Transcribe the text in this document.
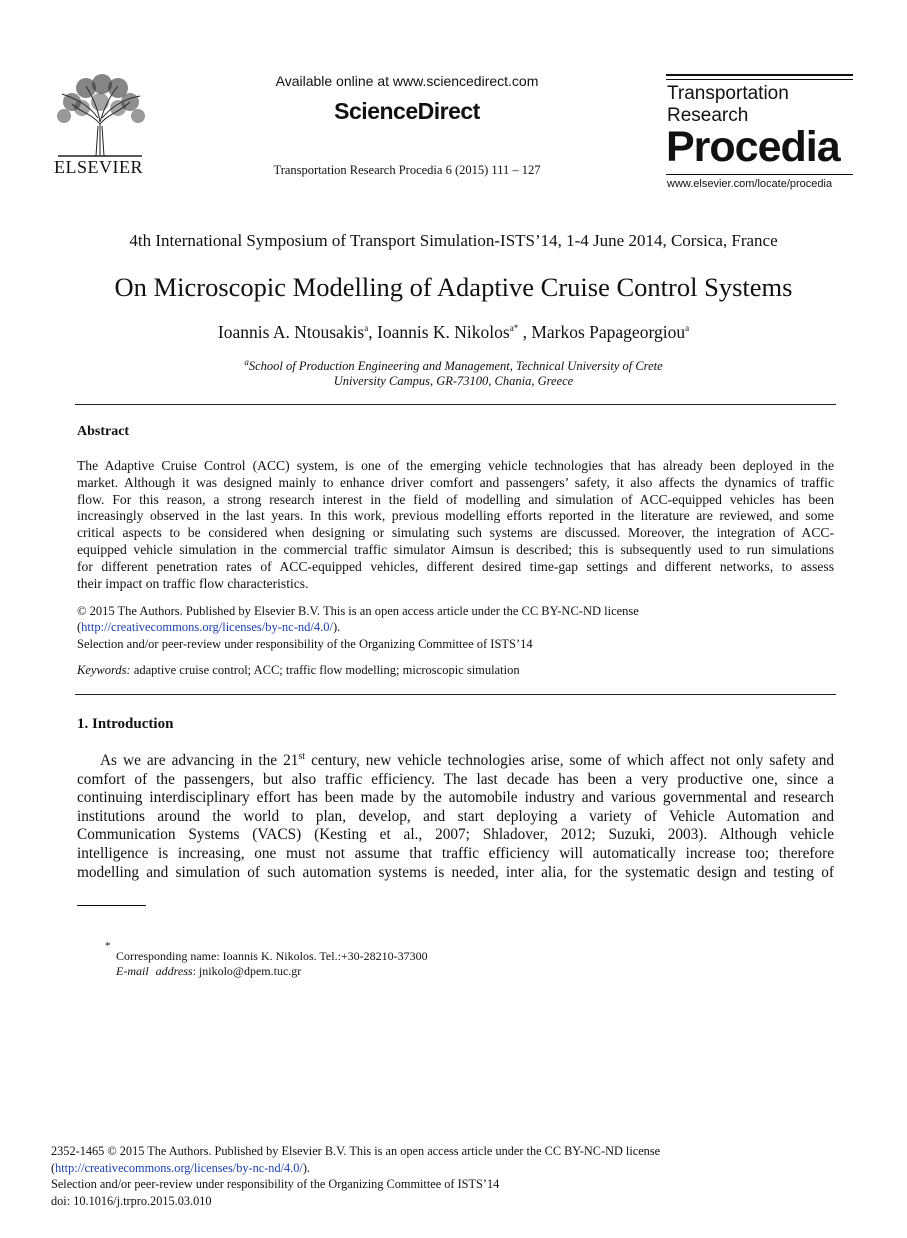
ELSEVIER
Available online at www.sciencedirect.com
ScienceDirect
Transportation Research Procedia 6 (2015) 111 – 127
Transportation
Research
Procedia
www.elsevier.com/locate/procedia
4th International Symposium of Transport Simulation-ISTS’14, 1-4 June 2014, Corsica, France
On Microscopic Modelling of Adaptive Cruise Control Systems
Ioannis A. Ntousakis$^a$, Ioannis K. Nikolos$^{a*}$ , Markos Papageorgiou$^a$
$^a$School of Production Engineering and Management, Technical University of Crete
University Campus, GR-73100, Chania, Greece
Abstract
The Adaptive Cruise Control (ACC) system, is one of the emerging vehicle technologies that has already been deployed in the
market. Although it was designed mainly to enhance driver comfort and passengers’ safety, it also affects the dynamics of traffic
flow. For this reason, a strong research interest in the field of modelling and simulation of ACC-equipped vehicles has been
increasingly observed in the last years. In this work, previous modelling efforts reported in the literature are reviewed, and some
critical aspects to be considered when designing or simulating such systems are discussed. Moreover, the integration of ACC-
equipped vehicle simulation in the commercial traffic simulator Aimsun is described; this is subsequently used to run simulations
for different penetration rates of ACC-equipped vehicles, different desired time-gap settings and different networks, to assess
their impact on traffic flow characteristics.
© 2015 The Authors. Published by Elsevier B.V. This is an open access article under the CC BY-NC-ND license
(http://creativecommons.org/licenses/by-nc-nd/4.0/).
Selection and/or peer-review under responsibility of the Organizing Committee of ISTS’14
Keywords: adaptive cruise control; ACC; traffic flow modelling; microscopic simulation
1. Introduction
As we are advancing in the 21st century, new vehicle technologies arise, some of which affect not only safety and
comfort of the passengers, but also traffic efficiency. The last decade has been a very productive one, since a
continuing interdisciplinary effort has been made by the automobile industry and various governmental and research
institutions around the world to plan, develop, and start deploying a variety of Vehicle Automation and
Communication Systems (VACS) (Kesting et al., 2007; Shladover, 2012; Suzuki, 2003). Although vehicle
intelligence is increasing, one must not assume that traffic efficiency will automatically increase too; therefore
modelling and simulation of such automation systems is needed, inter alia, for the systematic design and testing of
*
Corresponding name: Ioannis K. Nikolos. Tel.:+30-28210-37300
E-mail address: jnikolo@dpem.tuc.gr
2352-1465 © 2015 The Authors. Published by Elsevier B.V. This is an open access article under the CC BY-NC-ND license
(http://creativecommons.org/licenses/by-nc-nd/4.0/).
Selection and/or peer-review under responsibility of the Organizing Committee of ISTS’14
doi: 10.1016/j.trpro.2015.03.010
